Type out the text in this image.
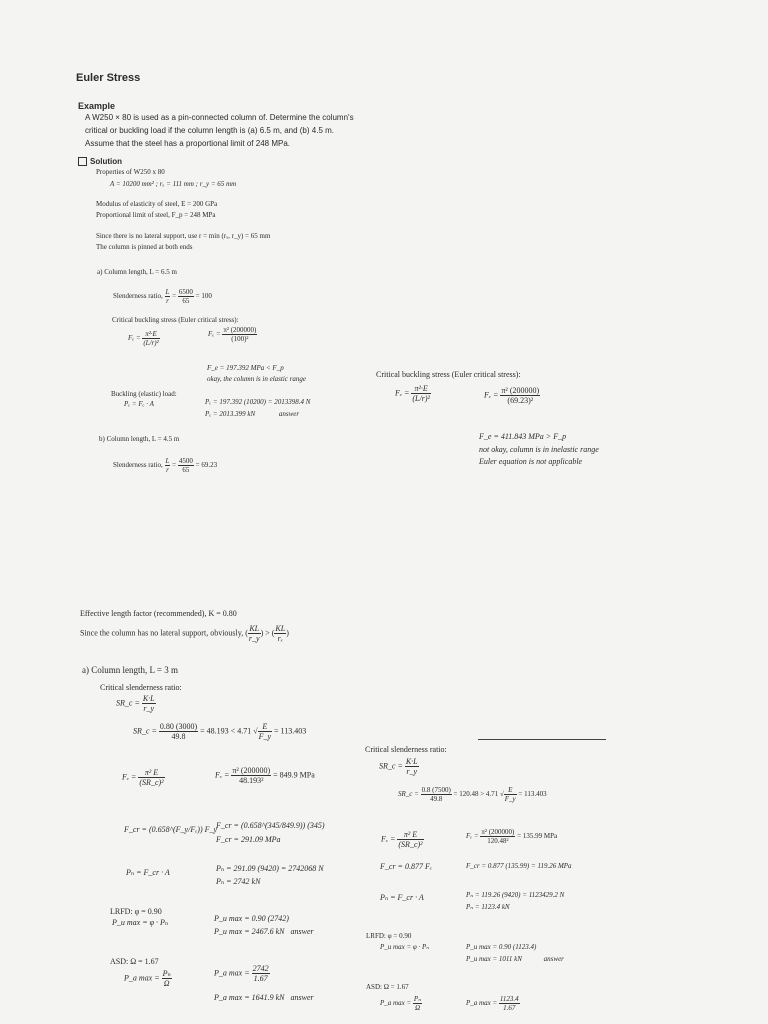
Euler Stress
Example
A W250 × 80 is used as a pin-connected column of. Determine the column's
critical or buckling load if the column length is (a) 6.5 m, and (b) 4.5 m.
Assume that the steel has a proportional limit of 248 MPa.
Solution
Properties of W250 x 80
A = 10200 mm² ; rₓ = 111 mm ; r_y = 65 mm
Modulus of elasticity of steel, E = 200 GPa
Proportional limit of steel, F_p = 248 MPa
Since there is no lateral support, use r = min (rₓ, r_y) = 65 mm
The column is pinned at both ends
a) Column length, L = 6.5 m
Slenderness ratio, $\frac{L}{r} = \frac{6500}{65} = 100$
Critical buckling stress (Euler critical stress):
$F_e = \frac{\text{π²·E}}{\text{(L/r)²}}$	$F_e = \frac{\text{π² (200000)}}{\text{(100)²}}$
F_e = 197.392 MPa < F_p
okay, the column is in elastic range
Buckling (elastic) load:
Pₑ = Fₑ · A	Pₑ = 197.392 (10200) = 2013398.4 N
Pₑ = 2013.399 kN	answer
b) Column length, L = 4.5 m
Slenderness ratio, $\frac{L}{r} = \frac{4500}{65} = 69.23$
Critical buckling stress (Euler critical stress):
$F_e = \frac{\text{π²·E}}{\text{(L/r)²}}$	$F_e = \frac{\text{π² (200000)}}{\text{(69.23)²}}$
F_e = 411.843 MPa > F_p
not okay, column is in inelastic range
Euler equation is not applicable
Effective length factor (recommended), K = 0.80
Since the column has no lateral support, obviously, ( $\frac{KL}{r\_y}$ ) > ( $\frac{KL}{\text{rₓ}}$ )
a) Column length, L = 3 m
Critical slenderness ratio:
SR_c = $\frac{K\cdot L}{r\_y}$
SR_c = $\frac{0.80 (3000)}{49.8} = 48.193 < 4.71$ √ $\frac{E}{F\_y} = 113.403$
$F_e = \frac{\text{π² E}}{\text{(SR\_c)²}}$	$F_e = \frac{\text{π² (200000)}}{\text{48.193²}} = 849.9$ MPa
F_cr = (0.658^(F_y/Fₑ)) F_y
F_cr = (0.658^(345/849.9)) (345)
F_cr = 291.09 MPa
Pₙ = F_cr · A	Pₙ = 291.09 (9420) = 2742068 N
Pₙ = 2742 kN
LRFD: φ = 0.90
P_u max = φ · Pₙ	P_u max = 0.90 (2742)
P_u max = 2467.6 kN answer
ASD: Ω = 1.67
P_a $\max = \frac{\text{Pₙ}}{\Omega}$	P_a $\max = \frac{2742}{1.67}$
P_a max = 1641.9 kN answer
Critical slenderness ratio:
SR_c = $\frac{K\cdot L}{r\_y}$
SR_c = $\frac{0.8 (7500)}{49.8} = 120.48 > 4.71$ √ $\frac{E}{F\_y} = 113.403$
$F_e = \frac{\text{π² E}}{\text{(SR\_c)²}}$	$F_e = \frac{\text{π² (200000)}}{\text{120.48²}} = 135.99$ MPa
F_cr = 0.877 Fₑ	F_cr = 0.877 (135.99) = 119.26 MPa
Pₙ = F_cr · A	Pₙ = 119.26 (9420) = 1123429.2 N
Pₙ = 1123.4 kN
LRFD: φ = 0.90
P_u max = φ · Pₙ	P_u max = 0.90 (1123.4)
P_u max = 1011 kN	answer
ASD: Ω = 1.67
P_a $\max = \frac{\text{Pₙ}}{\Omega}$	P_a $\max = \frac{1123.4}{1.67}$
